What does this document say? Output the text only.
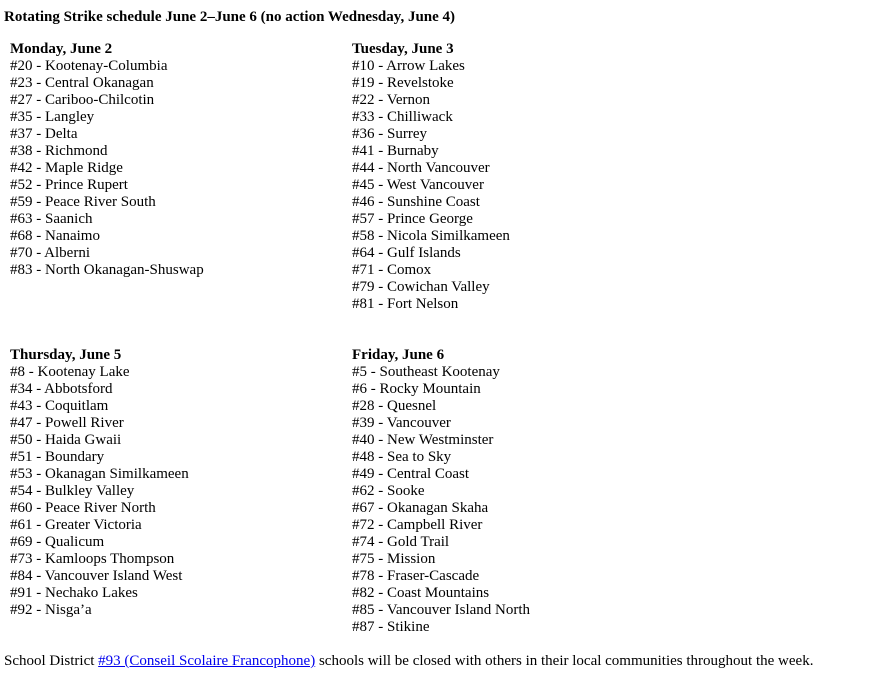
Rotating Strike schedule June 2–June 6 (no action Wednesday, June 4)
Monday, June 2
#20 - Kootenay-Columbia
#23 - Central Okanagan
#27 - Cariboo-Chilcotin
#35 - Langley
#37 - Delta
#38 - Richmond
#42 - Maple Ridge
#52 - Prince Rupert
#59 - Peace River South
#63 - Saanich
#68 - Nanaimo
#70 - Alberni
#83 - North Okanagan-Shuswap
Tuesday, June 3
#10 - Arrow Lakes
#19 - Revelstoke
#22 - Vernon
#33 - Chilliwack
#36 - Surrey
#41 - Burnaby
#44 - North Vancouver
#45 - West Vancouver
#46 - Sunshine Coast
#57 - Prince George
#58 - Nicola Similkameen
#64 - Gulf Islands
#71 - Comox
#79 - Cowichan Valley
#81 - Fort Nelson
Thursday, June 5
#8 - Kootenay Lake
#34 - Abbotsford
#43 - Coquitlam
#47 - Powell River
#50 - Haida Gwaii
#51 - Boundary
#53 - Okanagan Similkameen
#54 - Bulkley Valley
#60 - Peace River North
#61 - Greater Victoria
#69 - Qualicum
#73 - Kamloops Thompson
#84 - Vancouver Island West
#91 - Nechako Lakes
#92 - Nisga’a
Friday, June 6
#5 - Southeast Kootenay
#6 - Rocky Mountain
#28 - Quesnel
#39 - Vancouver
#40 - New Westminster
#48 - Sea to Sky
#49 - Central Coast
#62 - Sooke
#67 - Okanagan Skaha
#72 - Campbell River
#74 - Gold Trail
#75 - Mission
#78 - Fraser-Cascade
#82 - Coast Mountains
#85 - Vancouver Island North
#87 - Stikine
School District #93 (Conseil Scolaire Francophone) schools will be closed with others in their local communities throughout the week.
